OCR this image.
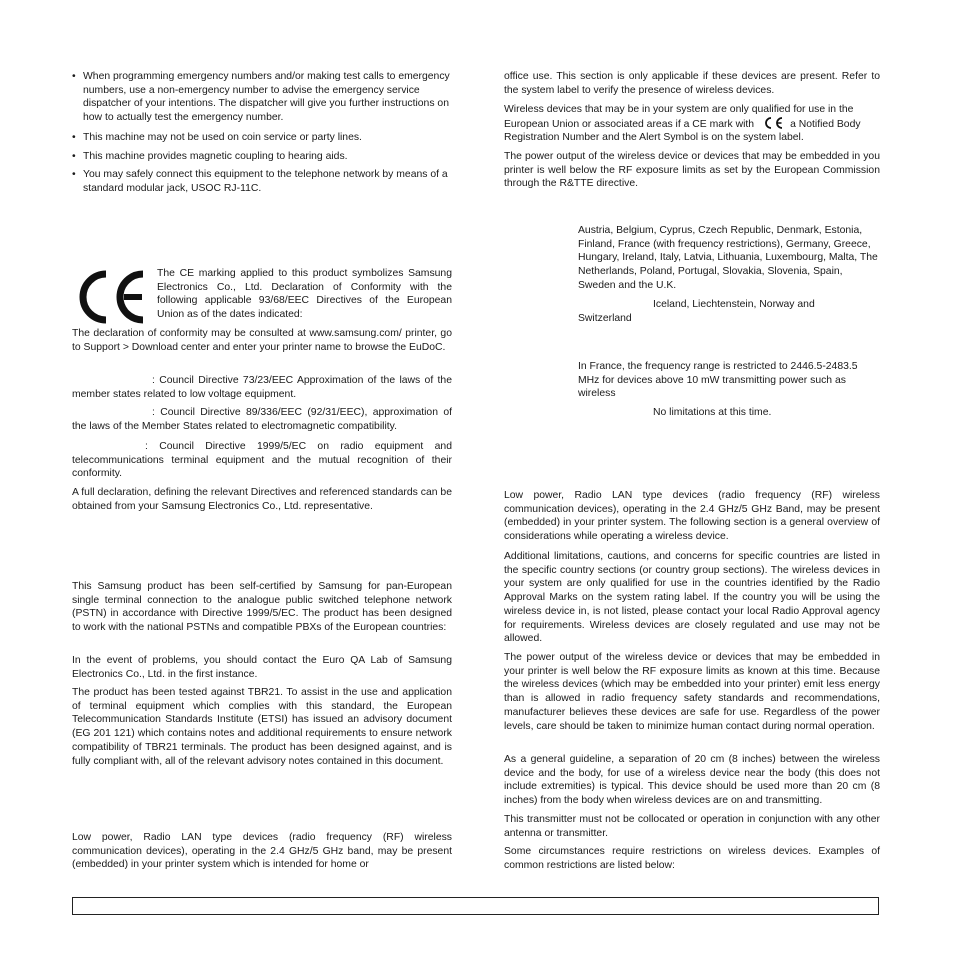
• When programming emergency numbers and/or making test calls to emergency numbers, use a non-emergency number to advise the emergency service dispatcher of your intentions. The dispatcher will give you further instructions on how to actually test the emergency number.
• This machine may not be used on coin service or party lines.
• This machine provides magnetic coupling to hearing aids.
• You may safely connect this equipment to the telephone network by means of a standard modular jack, USOC RJ-11C.

The CE marking applied to this product symbolizes Samsung Electronics Co., Ltd. Declaration of Conformity with the following applicable 93/68/EEC Directives of the European Union as of the dates indicated:

The declaration of conformity may be consulted at www.samsung.com/ printer, go to Support > Download center and enter your printer name to browse the EuDoC.

: Council Directive 73/23/EEC Approximation of the laws of the member states related to low voltage equipment.

: Council Directive 89/336/EEC (92/31/EEC), approximation of the laws of the Member States related to electromagnetic compatibility.

: Council Directive 1999/5/EC on radio equipment and telecommunications terminal equipment and the mutual recognition of their conformity.

A full declaration, defining the relevant Directives and referenced standards can be obtained from your Samsung Electronics Co., Ltd. representative.

This Samsung product has been self-certified by Samsung for pan-European single terminal connection to the analogue public switched telephone network (PSTN) in accordance with Directive 1999/5/EC. The product has been designed to work with the national PSTNs and compatible PBXs of the European countries:

In the event of problems, you should contact the Euro QA Lab of Samsung Electronics Co., Ltd. in the first instance.

The product has been tested against TBR21. To assist in the use and application of terminal equipment which complies with this standard, the European Telecommunication Standards Institute (ETSI) has issued an advisory document (EG 201 121) which contains notes and additional requirements to ensure network compatibility of TBR21 terminals. The product has been designed against, and is fully compliant with, all of the relevant advisory notes contained in this document.

Low power, Radio LAN type devices (radio frequency (RF) wireless communication devices), operating in the 2.4 GHz/5 GHz band, may be present (embedded) in your printer system which is intended for home or

office use. This section is only applicable if these devices are present. Refer to the system label to verify the presence of wireless devices.

Wireless devices that may be in your system are only qualified for use in the European Union or associated areas if a CE mark with	a Notified Body Registration Number and the Alert Symbol is on the system label.

The power output of the wireless device or devices that may be embedded in you printer is well below the RF exposure limits as set by the European Commission through the R&TTE directive.

Austria, Belgium, Cyprus, Czech Republic, Denmark, Estonia, Finland, France (with frequency restrictions), Germany, Greece, Hungary, Ireland, Italy, Latvia, Lithuania, Luxembourg, Malta, The Netherlands, Poland, Portugal, Slovakia, Slovenia, Spain, Sweden and the U.K.

Iceland, Liechtenstein, Norway and

Switzerland

In France, the frequency range is restricted to 2446.5-2483.5 MHz for devices above 10 mW transmitting power such as wireless

No limitations at this time.

Low power, Radio LAN type devices (radio frequency (RF) wireless communication devices), operating in the 2.4 GHz/5 GHz Band, may be present (embedded) in your printer system. The following section is a general overview of considerations while operating a wireless device.

Additional limitations, cautions, and concerns for specific countries are listed in the specific country sections (or country group sections). The wireless devices in your system are only qualified for use in the countries identified by the Radio Approval Marks on the system rating label. If the country you will be using the wireless device in, is not listed, please contact your local Radio Approval agency for requirements. Wireless devices are closely regulated and use may not be allowed.

The power output of the wireless device or devices that may be embedded in your printer is well below the RF exposure limits as known at this time. Because the wireless devices (which may be embedded into your printer) emit less energy than is allowed in radio frequency safety standards and recommendations, manufacturer believes these devices are safe for use. Regardless of the power levels, care should be taken to minimize human contact during normal operation.

As a general guideline, a separation of 20 cm (8 inches) between the wireless device and the body, for use of a wireless device near the body (this does not include extremities) is typical. This device should be used more than 20 cm (8 inches) from the body when wireless devices are on and transmitting.

This transmitter must not be collocated or operation in conjunction with any other antenna or transmitter.

Some circumstances require restrictions on wireless devices. Examples of common restrictions are listed below:
